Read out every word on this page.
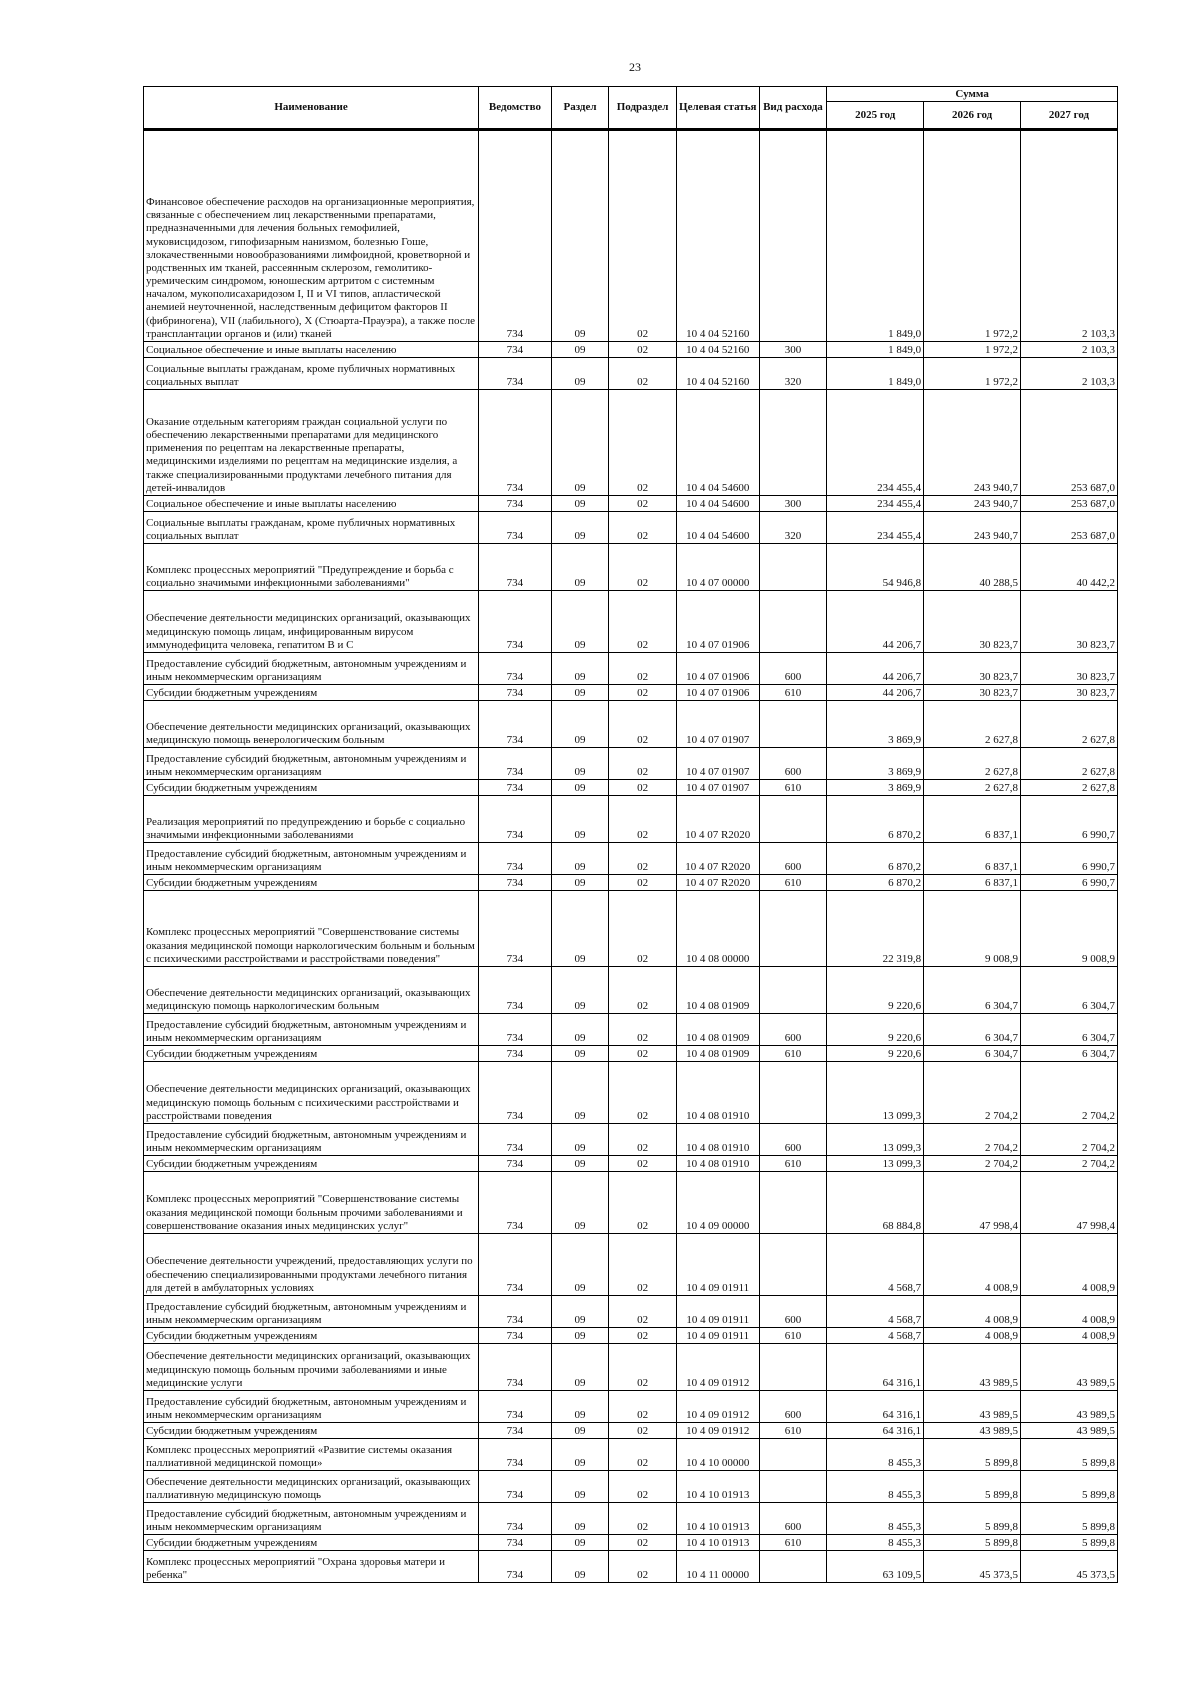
23
Наименование	Ведомство	Раздел	Подраздел	Целевая статья	Вид расхода	Сумма		
						2025 год	2026 год	2027 год
Финансовое обеспечение расходов на организационные мероприятия, связанные с обеспечением лиц лекарственными препаратами, предназначенными для лечения больных гемофилией, муковисцидозом, гипофизарным нанизмом, болезнью Гоше, злокачественными новообразованиями лимфоидной, кроветворной и родственных им тканей, рассеянным склерозом, гемолитико-уремическим синдромом, юношеским артритом с системным началом, мукополисахаридозом I, II и VI типов, апластической анемией неуточненной, наследственным дефицитом факторов II (фибриногена), VII (лабильного), X (Стюарта-Прауэра), а также после трансплантации органов и (или) тканей	734	09	02	10 4 04 52160		1 849,0	1 972,2	2 103,3
Социальное обеспечение и иные выплаты населению	734	09	02	10 4 04 52160	300	1 849,0	1 972,2	2 103,3
Социальные выплаты гражданам, кроме публичных нормативных социальных выплат	734	09	02	10 4 04 52160	320	1 849,0	1 972,2	2 103,3
Оказание отдельным категориям граждан социальной услуги по обеспечению лекарственными препаратами для медицинского применения по рецептам на лекарственные препараты, медицинскими изделиями по рецептам на медицинские изделия, а также специализированными продуктами лечебного питания для детей-инвалидов	734	09	02	10 4 04 54600		234 455,4	243 940,7	253 687,0
Социальное обеспечение и иные выплаты населению	734	09	02	10 4 04 54600	300	234 455,4	243 940,7	253 687,0
Социальные выплаты гражданам, кроме публичных нормативных социальных выплат	734	09	02	10 4 04 54600	320	234 455,4	243 940,7	253 687,0
Комплекс процессных мероприятий "Предупреждение и борьба с социально значимыми инфекционными заболеваниями"	734	09	02	10 4 07 00000		54 946,8	40 288,5	40 442,2
Обеспечение деятельности медицинских организаций, оказывающих медицинскую помощь лицам, инфицированным вирусом иммунодефицита человека, гепатитом B и C	734	09	02	10 4 07 01906		44 206,7	30 823,7	30 823,7
Предоставление субсидий бюджетным, автономным учреждениям и иным некоммерческим организациям	734	09	02	10 4 07 01906	600	44 206,7	30 823,7	30 823,7
Субсидии бюджетным учреждениям	734	09	02	10 4 07 01906	610	44 206,7	30 823,7	30 823,7
Обеспечение деятельности медицинских организаций, оказывающих медицинскую помощь венерологическим больным	734	09	02	10 4 07 01907		3 869,9	2 627,8	2 627,8
Предоставление субсидий бюджетным, автономным учреждениям и иным некоммерческим организациям	734	09	02	10 4 07 01907	600	3 869,9	2 627,8	2 627,8
Субсидии бюджетным учреждениям	734	09	02	10 4 07 01907	610	3 869,9	2 627,8	2 627,8
Реализация мероприятий по предупреждению и борьбе с социально значимыми инфекционными заболеваниями	734	09	02	10 4 07 R2020		6 870,2	6 837,1	6 990,7
Предоставление субсидий бюджетным, автономным учреждениям и иным некоммерческим организациям	734	09	02	10 4 07 R2020	600	6 870,2	6 837,1	6 990,7
Субсидии бюджетным учреждениям	734	09	02	10 4 07 R2020	610	6 870,2	6 837,1	6 990,7
Комплекс процессных мероприятий "Совершенствование системы оказания медицинской помощи наркологическим больным и больным с психическими расстройствами и расстройствами поведения"	734	09	02	10 4 08 00000		22 319,8	9 008,9	9 008,9
Обеспечение деятельности медицинских организаций, оказывающих медицинскую помощь наркологическим больным	734	09	02	10 4 08 01909		9 220,6	6 304,7	6 304,7
Предоставление субсидий бюджетным, автономным учреждениям и иным некоммерческим организациям	734	09	02	10 4 08 01909	600	9 220,6	6 304,7	6 304,7
Субсидии бюджетным учреждениям	734	09	02	10 4 08 01909	610	9 220,6	6 304,7	6 304,7
Обеспечение деятельности медицинских организаций, оказывающих медицинскую помощь больным с психическими расстройствами и расстройствами поведения	734	09	02	10 4 08 01910		13 099,3	2 704,2	2 704,2
Предоставление субсидий бюджетным, автономным учреждениям и иным некоммерческим организациям	734	09	02	10 4 08 01910	600	13 099,3	2 704,2	2 704,2
Субсидии бюджетным учреждениям	734	09	02	10 4 08 01910	610	13 099,3	2 704,2	2 704,2
Комплекс процессных мероприятий "Совершенствование системы оказания медицинской помощи больным прочими заболеваниями и совершенствование оказания иных медицинских услуг"	734	09	02	10 4 09 00000		68 884,8	47 998,4	47 998,4
Обеспечение деятельности учреждений, предоставляющих услуги по обеспечению специализированными продуктами лечебного питания для детей в амбулаторных условиях	734	09	02	10 4 09 01911		4 568,7	4 008,9	4 008,9
Предоставление субсидий бюджетным, автономным учреждениям и иным некоммерческим организациям	734	09	02	10 4 09 01911	600	4 568,7	4 008,9	4 008,9
Субсидии бюджетным учреждениям	734	09	02	10 4 09 01911	610	4 568,7	4 008,9	4 008,9
Обеспечение деятельности медицинских организаций, оказывающих медицинскую помощь больным прочими заболеваниями и иные медицинские услуги	734	09	02	10 4 09 01912		64 316,1	43 989,5	43 989,5
Предоставление субсидий бюджетным, автономным учреждениям и иным некоммерческим организациям	734	09	02	10 4 09 01912	600	64 316,1	43 989,5	43 989,5
Субсидии бюджетным учреждениям	734	09	02	10 4 09 01912	610	64 316,1	43 989,5	43 989,5
Комплекс процессных мероприятий «Развитие системы оказания паллиативной медицинской помощи»	734	09	02	10 4 10 00000		8 455,3	5 899,8	5 899,8
Обеспечение деятельности медицинских организаций, оказывающих паллиативную медицинскую помощь	734	09	02	10 4 10 01913		8 455,3	5 899,8	5 899,8
Предоставление субсидий бюджетным, автономным учреждениям и иным некоммерческим организациям	734	09	02	10 4 10 01913	600	8 455,3	5 899,8	5 899,8
Субсидии бюджетным учреждениям	734	09	02	10 4 10 01913	610	8 455,3	5 899,8	5 899,8
Комплекс процессных мероприятий "Охрана здоровья матери и ребенка"	734	09	02	10 4 11 00000		63 109,5	45 373,5	45 373,5
